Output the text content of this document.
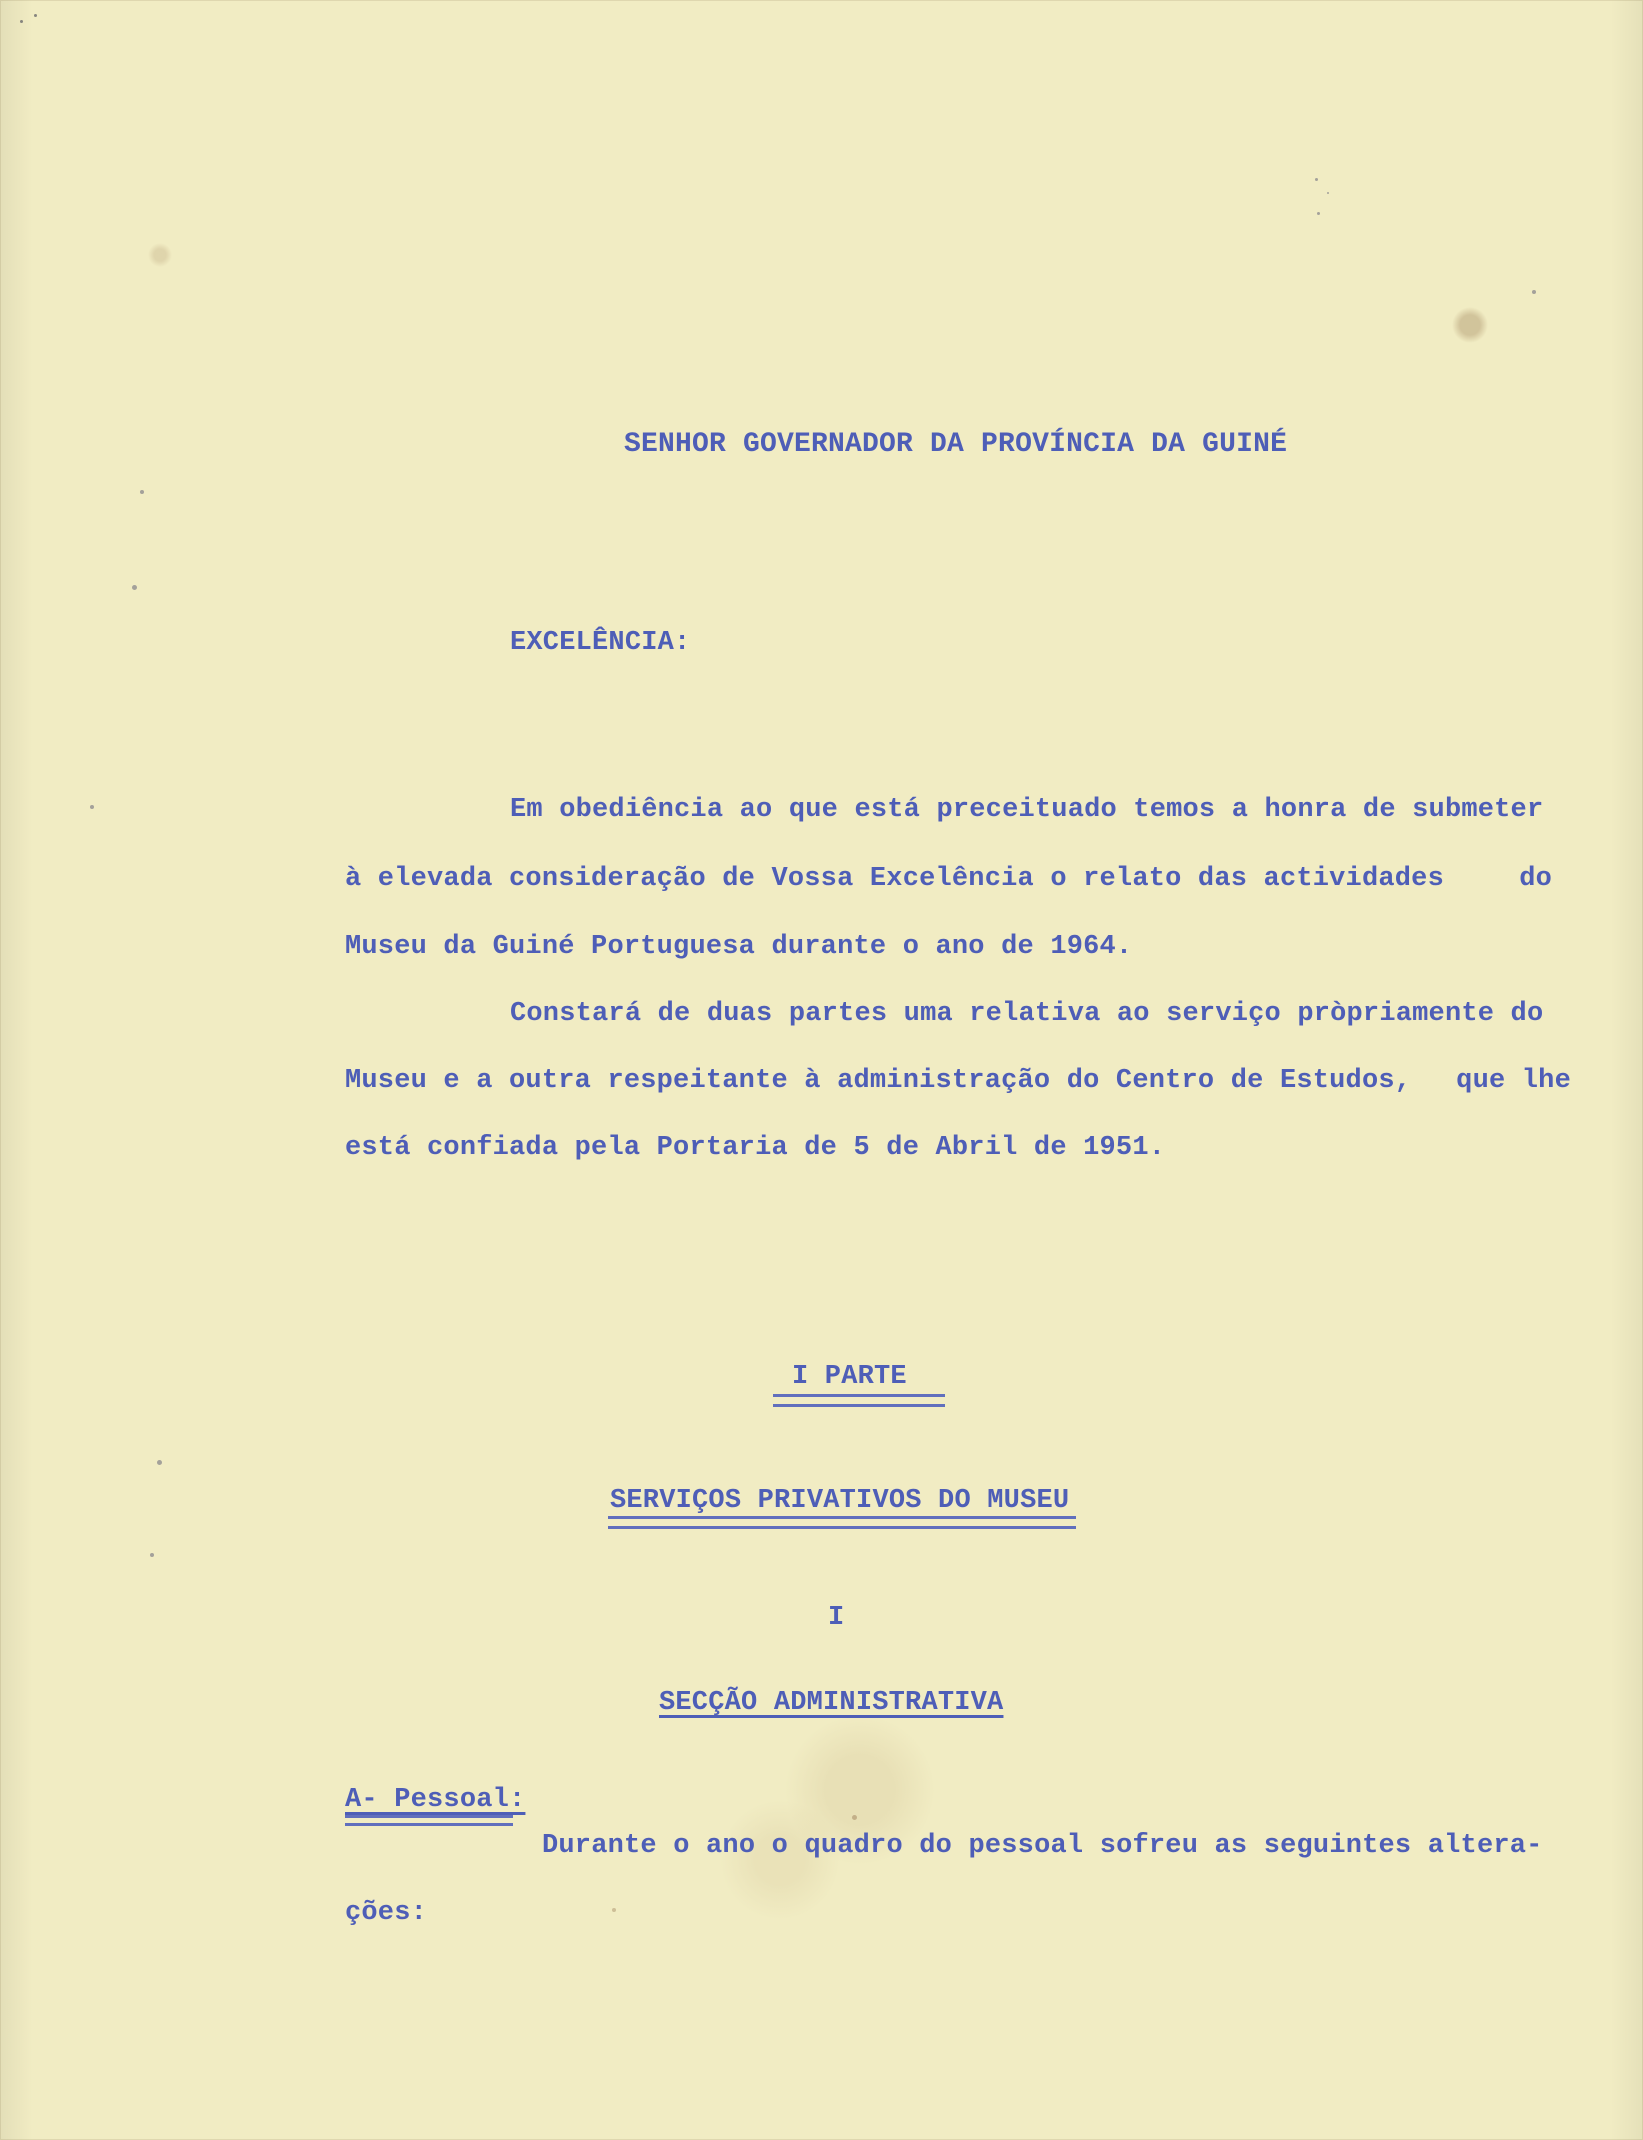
SENHOR GOVERNADOR DA PROVÍNCIA DA GUINÉ
EXCELÊNCIA:
Em obediência ao que está preceituado temos a honra de submeter
à elevada consideração de Vossa Excelência o relato das actividades	do
Museu da Guiné Portuguesa durante o ano de 1964.
Constará de duas partes uma relativa ao serviço pròpriamente do
Museu e a outra respeitante à administração do Centro de Estudos, que lhe
está confiada pela Portaria de 5 de Abril de 1951.
I PARTE
SERVIÇOS PRIVATIVOS DO MUSEU
I
SECÇÃO ADMINISTRATIVA
A- Pessoal:
Durante o ano o quadro do pessoal sofreu as seguintes altera-
ções:
